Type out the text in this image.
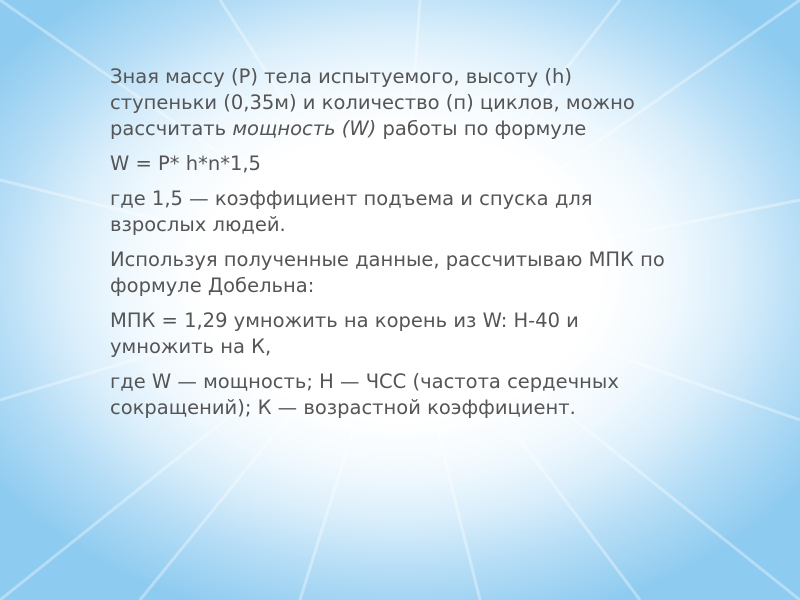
Зная массу (Р) тела испытуемого, высоту (h) ступеньки (0,35м) и количество (п) циклов, можно рассчитать мощность (W) работы по формуле

W = Р* h*n*1,5

где 1,5 — коэффициент подъема и спуска для взрослых людей.

Используя полученные данные, рассчитываю МПК по формуле Добельна:

МПК = 1,29 умножить на корень из W: H-40 и умножить на К,

где W — мощность; Н — ЧСС (частота сердечных сокращений); К — возрастной коэффициент.
